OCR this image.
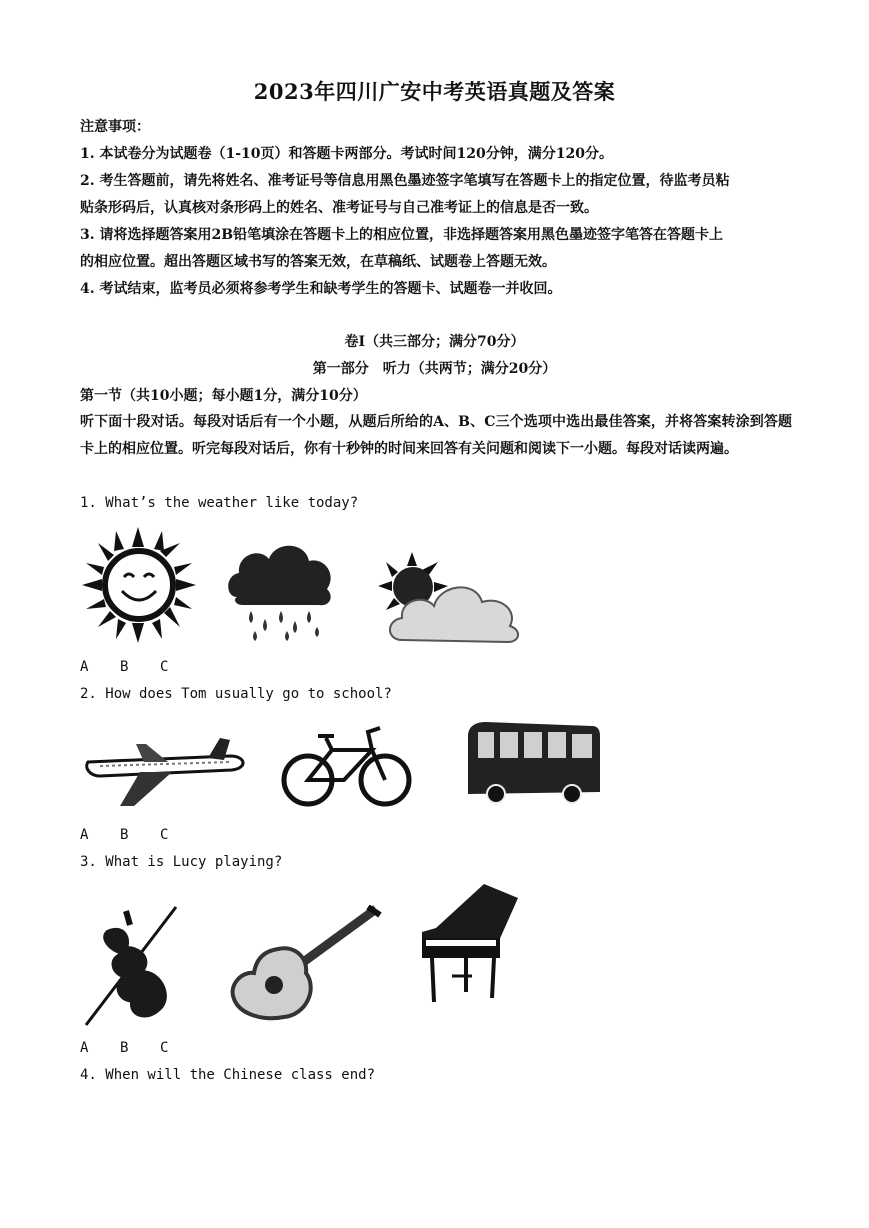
2023年四川广安中考英语真题及答案
注意事项：
1. 本试卷分为试题卷（1-10页）和答题卡两部分。考试时间120分钟，满分120分。
2. 考生答题前，请先将姓名、准考证号等信息用黑色墨迹签字笔填写在答题卡上的指定位置，待监考员粘
贴条形码后，认真核对条形码上的姓名、准考证号与自己准考证上的信息是否一致。
3. 请将选择题答案用2B铅笔填涂在答题卡上的相应位置，非选择题答案用黑色墨迹签字笔答在答题卡上
的相应位置。超出答题区域书写的答案无效，在草稿纸、试题卷上答题无效。
4. 考试结束，监考员必须将参考学生和缺考学生的答题卡、试题卷一并收回。
卷Ⅰ（共三部分；满分70分）
第一部分　听力（共两节；满分20分）
第一节（共10小题；每小题1分，满分10分）
听下面十段对话。每段对话后有一个小题，从题后所给的A、B、C三个选项中选出最佳答案，并将答案转涂到答题卡上的相应位置。听完每段对话后，你有十秒钟的时间来回答有关问题和阅读下一小题。每段对话读两遍。
1. What’s the weather like today?
A B C
2. How does Tom usually go to school?
A B C
3. What is Lucy playing?
A B C
4. When will the Chinese class end?
